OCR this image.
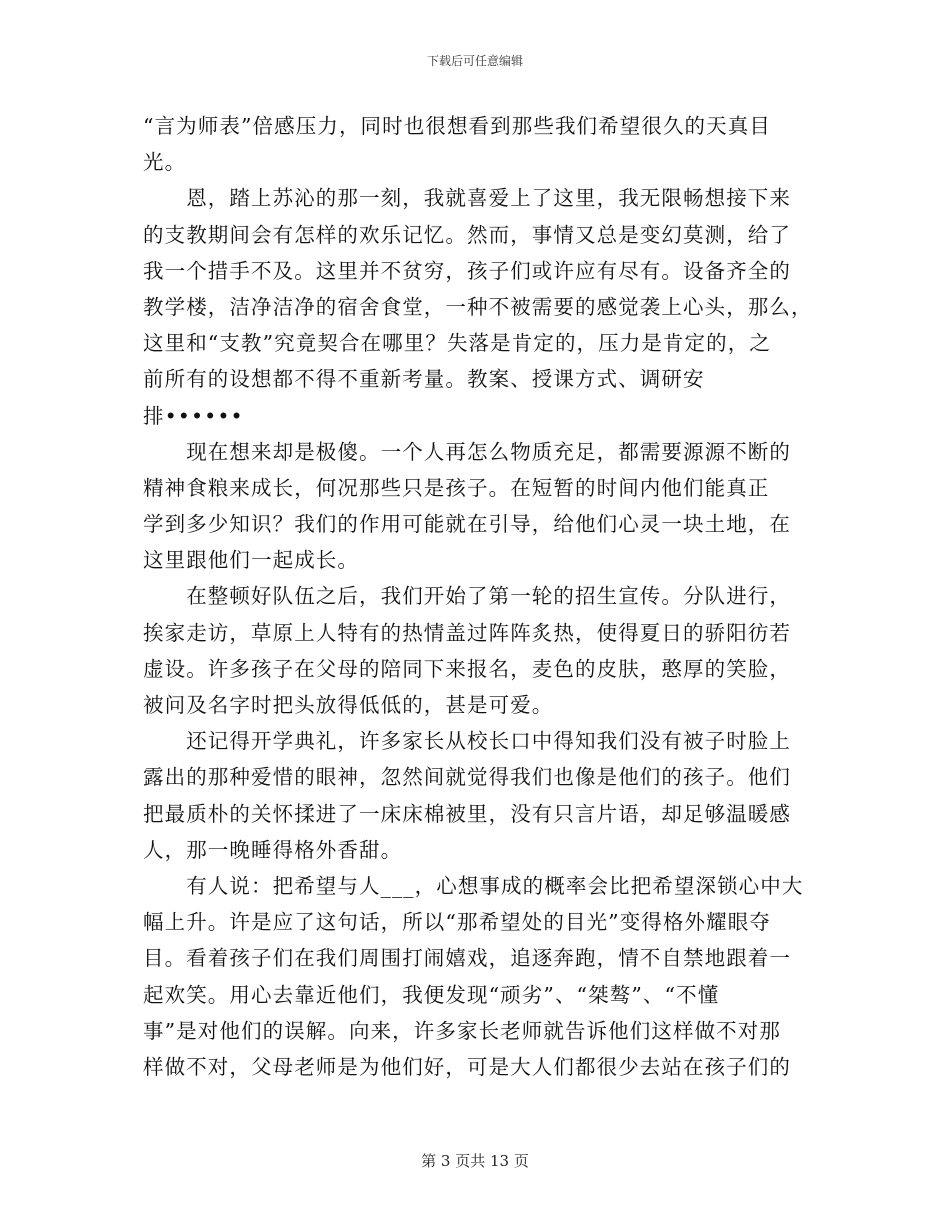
下载后可任意编辑
“言为师表”倍感压力，同时也很想看到那些我们希望很久的天真目
光。
　　恩，踏上苏沁的那一刻，我就喜爱上了这里，我无限畅想接下来
的支教期间会有怎样的欢乐记忆。然而，事情又总是变幻莫测，给了
我一个措手不及。这里并不贫穷，孩子们或许应有尽有。设备齐全的
教学楼，洁净洁净的宿舍食堂，一种不被需要的感觉袭上心头，那么，
这里和“支教”究竟契合在哪里？失落是肯定的，压力是肯定的，之
前所有的设想都不得不重新考量。教案、授课方式、调研安
排••••••
　　现在想来却是极傻。一个人再怎么物质充足，都需要源源不断的
精神食粮来成长，何况那些只是孩子。在短暂的时间内他们能真正
学到多少知识？我们的作用可能就在引导，给他们心灵一块土地，在
这里跟他们一起成长。
　　在整顿好队伍之后，我们开始了第一轮的招生宣传。分队进行，
挨家走访，草原上人特有的热情盖过阵阵炙热，使得夏日的骄阳彷若
虚设。许多孩子在父母的陪同下来报名，麦色的皮肤，憨厚的笑脸，
被问及名字时把头放得低低的，甚是可爱。
　　还记得开学典礼，许多家长从校长口中得知我们没有被子时脸上
露出的那种爱惜的眼神，忽然间就觉得我们也像是他们的孩子。他们
把最质朴的关怀揉进了一床床棉被里，没有只言片语，却足够温暖感
人，那一晚睡得格外香甜。
　　有人说：把希望与人___，心想事成的概率会比把希望深锁心中大
幅上升。许是应了这句话，所以“那希望处的目光”变得格外耀眼夺
目。看着孩子们在我们周围打闹嬉戏，追逐奔跑，情不自禁地跟着一
起欢笑。用心去靠近他们，我便发现“顽劣”、“桀骜”、“不懂
事”是对他们的误解。向来，许多家长老师就告诉他们这样做不对那
样做不对，父母老师是为他们好，可是大人们都很少去站在孩子们的
第 3 页共 13 页
